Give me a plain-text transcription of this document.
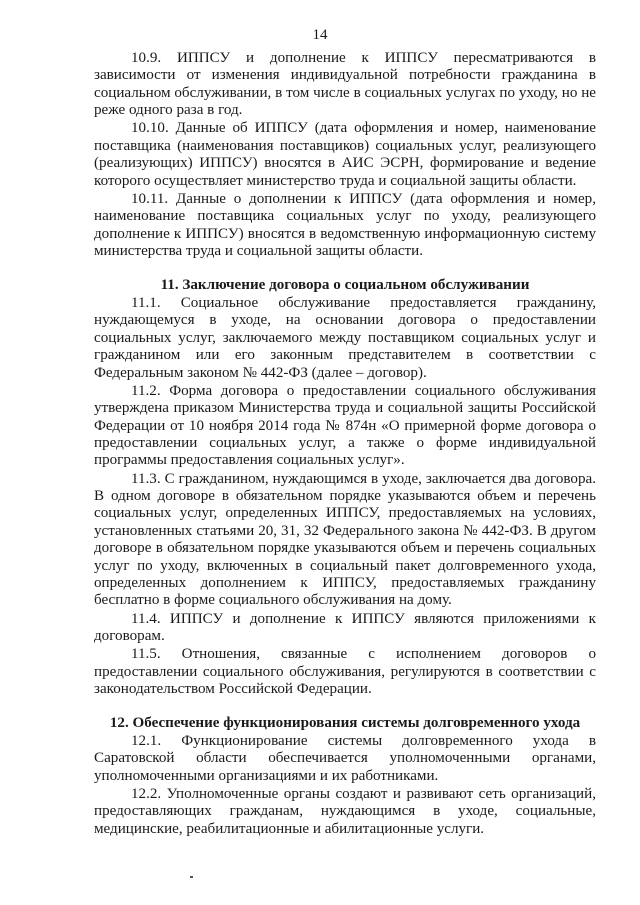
14

10.9. ИППСУ и дополнение к ИППСУ пересматриваются в зависимости от изменения индивидуальной потребности гражданина в социальном обслуживании, в том числе в социальных услугах по уходу, но не реже одного раза в год.

10.10. Данные об ИППСУ (дата оформления и номер, наименование поставщика (наименования поставщиков) социальных услуг, реализующего (реализующих) ИППСУ) вносятся в АИС ЭСРН, формирование и ведение которого осуществляет министерство труда и социальной защиты области.

10.11. Данные о дополнении к ИППСУ (дата оформления и номер, наименование поставщика социальных услуг по уходу, реализующего дополнение к ИППСУ) вносятся в ведомственную информационную систему министерства труда и социальной защиты области.

11. Заключение договора о социальном обслуживании

11.1. Социальное обслуживание предоставляется гражданину, нуждающемуся в уходе, на основании договора о предоставлении социальных услуг, заключаемого между поставщиком социальных услуг и гражданином или его законным представителем в соответствии с Федеральным законом № 442-ФЗ (далее – договор).

11.2. Форма договора о предоставлении социального обслуживания утверждена приказом Министерства труда и социальной защиты Российской Федерации от 10 ноября 2014 года № 874н «О примерной форме договора о предоставлении социальных услуг, а также о форме индивидуальной программы предоставления социальных услуг».

11.3. С гражданином, нуждающимся в уходе, заключается два договора. В одном договоре в обязательном порядке указываются объем и перечень социальных услуг, определенных ИППСУ, предоставляемых на условиях, установленных статьями 20, 31, 32 Федерального закона № 442-ФЗ. В другом договоре в обязательном порядке указываются объем и перечень социальных услуг по уходу, включенных в социальный пакет долговременного ухода, определенных дополнением к ИППСУ, предоставляемых гражданину бесплатно в форме социального обслуживания на дому.

11.4. ИППСУ и дополнение к ИППСУ являются приложениями к договорам.

11.5. Отношения, связанные с исполнением договоров о предоставлении социального обслуживания, регулируются в соответствии с законодательством Российской Федерации.

12. Обеспечение функционирования системы долговременного ухода

12.1. Функционирование системы долговременного ухода в Саратовской области обеспечивается уполномоченными органами, уполномоченными организациями и их работниками.

12.2. Уполномоченные органы создают и развивают сеть организаций, предоставляющих гражданам, нуждающимся в уходе, социальные, медицинские, реабилитационные и абилитационные услуги.
